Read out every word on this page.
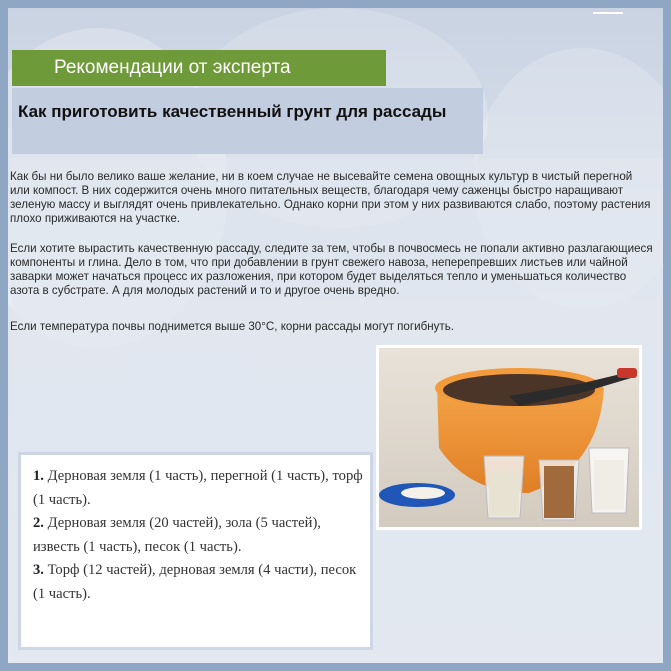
Рекомендации от эксперта
Как приготовить качественный грунт для рассады
Как бы ни было велико ваше желание, ни в коем случае не высевайте семена овощных культур в чистый перегной или компост. В них содержится очень много питательных веществ, благодаря чему саженцы быстро наращивают зеленую массу и выглядят очень привлекательно. Однако корни при этом у них развиваются слабо, поэтому растения плохо приживаются на участке.
Если хотите вырастить качественную рассаду, следите за тем, чтобы в почвосмесь не попали активно разлагающиеся компоненты и глина. Дело в том, что при добавлении в грунт свежего навоза, неперепревших листьев или чайной заварки может начаться процесс их разложения, при котором будет выделяться тепло и уменьшаться количество азота в субстрате. А для молодых растений и то и другое очень вредно.
Если температура почвы поднимется выше 30°C, корни рассады могут погибнуть.
1. Дерновая земля (1 часть), перегной (1 часть), торф (1 часть).
2. Дерновая земля (20 частей), зола (5 частей), известь (1 часть), песок (1 часть).
3. Торф (12 частей), дерновая земля (4 части), песок (1 часть).
